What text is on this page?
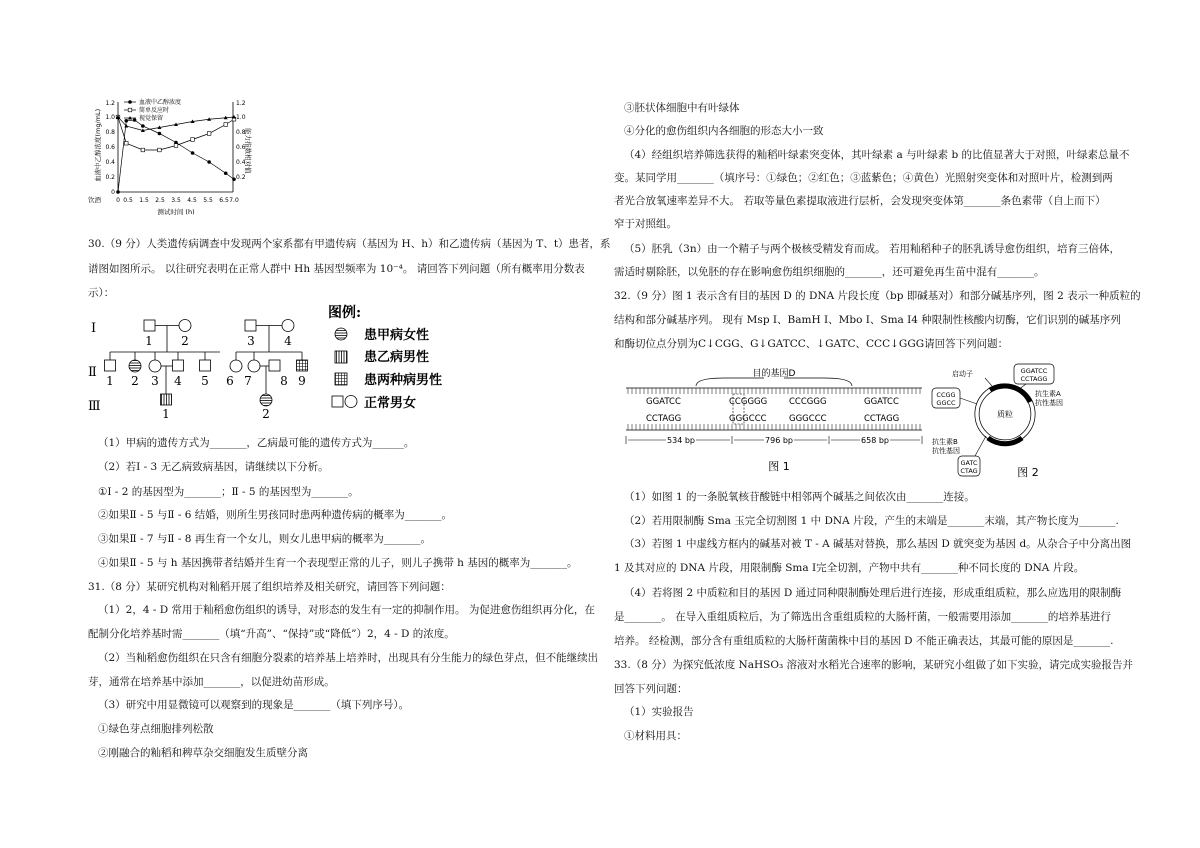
1.2
1.0
0.8
0.6
0.4
0.2
0
1.2
1.0
0.8
0.6
0.4
0.2
血液中乙醇浓度(mg/mL)	能力指数相对值
0 0.5 1.5 2.5 3.5 4.5 5.5 6.5 7.0
饮酒
测试时间 (h)
血液中乙醇浓度
简单反应时
视觉保留
30.（9 分）人类遗传病调查中发现两个家系都有甲遗传病（基因为 H、h）和乙遗传病（基因为 T、t）患者，系
谱图如图所示。 以往研究表明在正常人群中 Hh 基因型频率为 10⁻⁴。 请回答下列问题（所有概率用分数表
示）：
Ⅰ
Ⅱ
Ⅲ
1 2	3 4
1 2 3 4 5 6 7 8 9
1	2
图例:
患甲病女性
患乙病男性
患两种病男性
正常男女
（1）甲病的遗传方式为_______，乙病最可能的遗传方式为______。
（2）若Ⅰ - 3 无乙病致病基因，请继续以下分析。
①Ⅰ - 2 的基因型为_______；Ⅱ - 5 的基因型为_______。
②如果Ⅱ - 5 与Ⅱ - 6 结婚，则所生男孩同时患两种遗传病的概率为_______。
③如果Ⅱ - 7 与Ⅱ - 8 再生育一个女儿，则女儿患甲病的概率为_______。
④如果Ⅱ - 5 与 h 基因携带者结婚并生育一个表现型正常的儿子，则儿子携带 h 基因的概率为_______。
31.（8 分）某研究机构对籼稻开展了组织培养及相关研究，请回答下列问题：
（1）2，4 - D 常用于籼稻愈伤组织的诱导，对形态的发生有一定的抑制作用。 为促进愈伤组织再分化，在
配制分化培养基时需_______（填“升高”、“保持”或“降低”）2，4 - D 的浓度。
（2）当籼稻愈伤组织在只含有细胞分裂素的培养基上培养时，出现具有分生能力的绿色芽点，但不能继续出
芽，通常在培养基中添加_______，以促进幼苗形成。
（3）研究中用显微镜可以观察到的现象是_______（填下列序号）。
①绿色芽点细胞排列松散
②刚融合的籼稻和稗草杂交细胞发生质壁分离
③胚状体细胞中有叶绿体
④分化的愈伤组织内各细胞的形态大小一致
（4）经组织培养筛选获得的籼稻叶绿素突变体，其叶绿素 a 与叶绿素 b 的比值显著大于对照，叶绿素总量不
变。某同学用_______（填序号：①绿色；②红色；③蓝紫色；④黄色）光照射突变体和对照叶片，检测到两
者光合放氧速率差异不大。 若取等量色素提取液进行层析，会发现突变体第_______条色素带（自上而下）
窄于对照组。
（5）胚乳（3n）由一个精子与两个极核受精发育而成。 若用籼稻种子的胚乳诱导愈伤组织，培育三倍体，
需适时剔除胚，以免胚的存在影响愈伤组织细胞的_______，还可避免再生苗中混有_______。
32.（9 分）图 1 表示含有目的基因 D 的 DNA 片段长度（bp 即碱基对）和部分碱基序列，图 2 表示一种质粒的
结构和部分碱基序列。 现有 Msp Ⅰ、BamH Ⅰ、Mbo Ⅰ、Sma Ⅰ4 种限制性核酸内切酶，它们识别的碱基序列
和酶切位点分别为C↓CGG、G↓GATCC、↓GATC、CCC↓GGG请回答下列问题：
目的基因D
GGATCC	CCGGGG	CCCGGG	GGATCC
CCTAGG	GGGCCC	GGGCCC	CCTAGG
534 bp	796 bp	658 bp
图 1
质粒
启动子
CCGG
GGCC
GGATCC
CCTAGG
抗生素A
抗性基因
抗生素B
抗性基因
GATC
CTAG	图 2
（1）如图 1 的一条脱氧核苷酸链中相邻两个碱基之间依次由_______连接。
（2）若用限制酶 Sma 玉完全切割图 1 中 DNA 片段，产生的末端是_______末端，其产物长度为_______.
（3）若图 1 中虚线方框内的碱基对被 T - A 碱基对替换，那么基因 D 就突变为基因 d。从杂合子中分离出图
1 及其对应的 DNA 片段，用限制酶 Sma Ⅰ完全切割，产物中共有_______种不同长度的 DNA 片段。
（4）若将图 2 中质粒和目的基因 D 通过同种限制酶处理后进行连接，形成重组质粒，那么应选用的限制酶
是_______。 在导入重组质粒后，为了筛选出含重组质粒的大肠杆菌，一般需要用添加_______的培养基进行
培养。 经检测，部分含有重组质粒的大肠杆菌菌株中目的基因 D 不能正确表达，其最可能的原因是_______.
33.（8 分）为探究低浓度 NaHSO₃ 溶液对水稻光合速率的影响，某研究小组做了如下实验，请完成实验报告并
回答下列问题：
（1）实验报告
①材料用具：
